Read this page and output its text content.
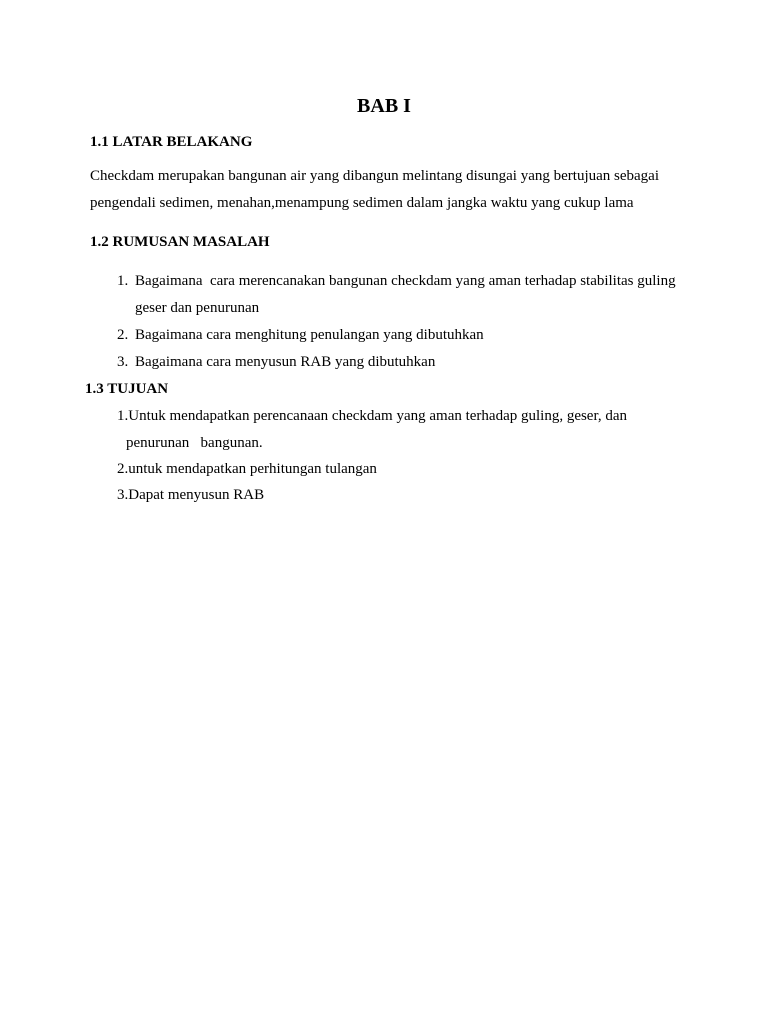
BAB I
1.1 LATAR BELAKANG
Checkdam merupakan bangunan air yang dibangun melintang disungai yang bertujuan sebagai
pengendali sedimen, menahan,menampung sedimen dalam jangka waktu yang cukup lama
1.2 RUMUSAN MASALAH
1. Bagaimana  cara merencanakan bangunan checkdam yang aman terhadap stabilitas guling
geser dan penurunan
2. Bagaimana cara menghitung penulangan yang dibutuhkan
3. Bagaimana cara menyusun RAB yang dibutuhkan
1.3 TUJUAN
1.Untuk mendapatkan perencanaan checkdam yang aman terhadap guling, geser, dan
penurunan   bangunan.
2.untuk mendapatkan perhitungan tulangan
3.Dapat menyusun RAB
